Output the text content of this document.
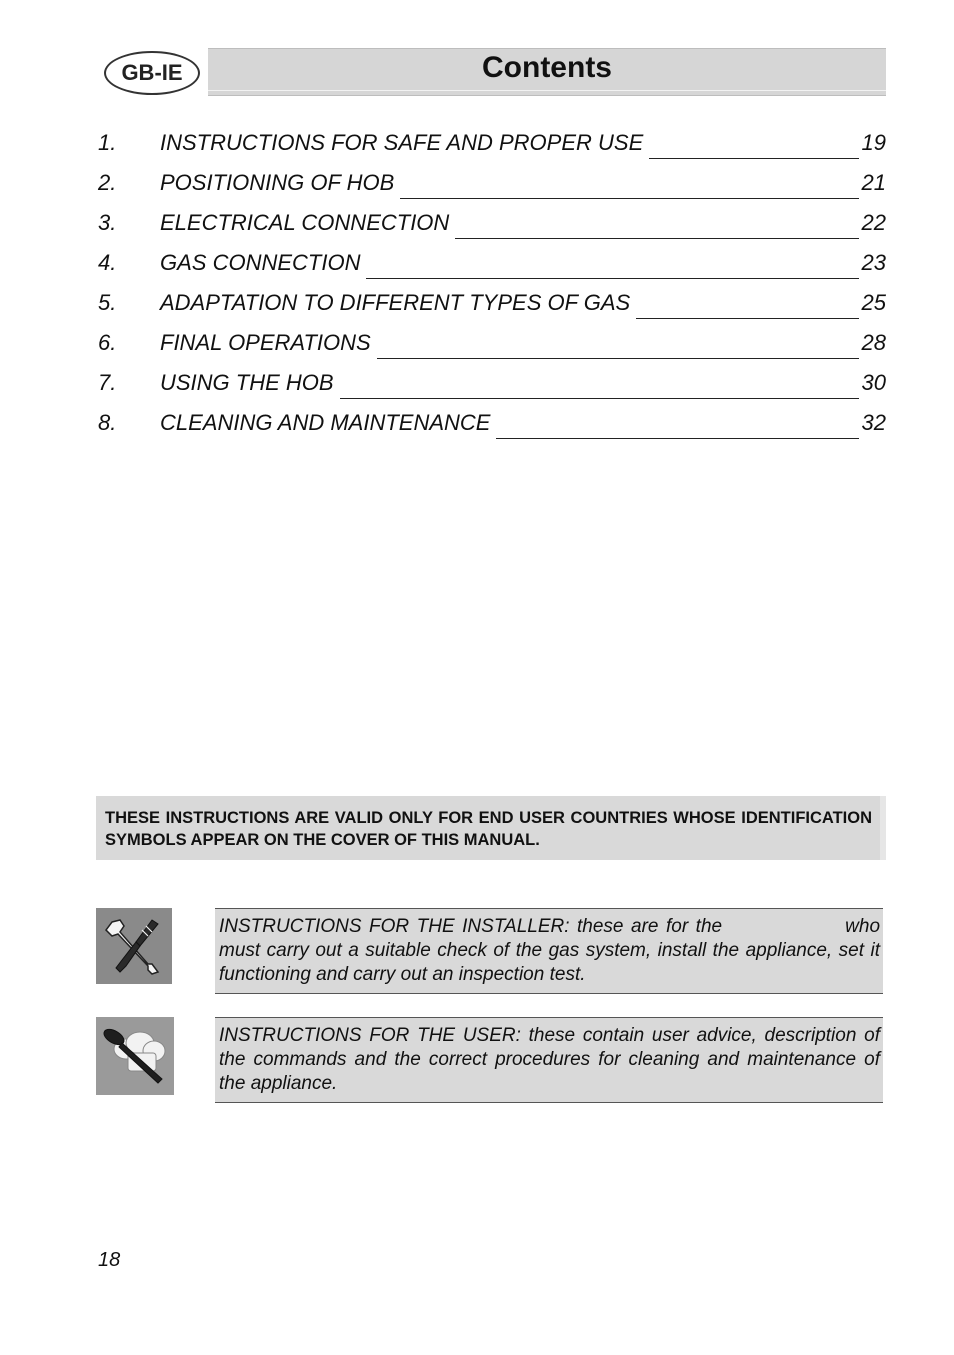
GB-IE	Contents
1.	INSTRUCTIONS FOR SAFE AND PROPER USE	19
2.	POSITIONING OF HOB	21
3.	ELECTRICAL CONNECTION	22
4.	GAS CONNECTION	23
5.	ADAPTATION TO DIFFERENT TYPES OF GAS	25
6.	FINAL OPERATIONS	28
7.	USING THE HOB	30
8.	CLEANING AND MAINTENANCE	32
THESE INSTRUCTIONS ARE VALID ONLY FOR END USER COUNTRIES WHOSE IDENTIFICATION SYMBOLS APPEAR ON THE COVER OF THIS MANUAL.
INSTRUCTIONS FOR THE INSTALLER: these are for the	who must carry out a suitable check of the gas system, install the appliance, set it functioning and carry out an inspection test.
INSTRUCTIONS FOR THE USER: these contain user advice, description of the commands and the correct procedures for cleaning and maintenance of the appliance.
18
